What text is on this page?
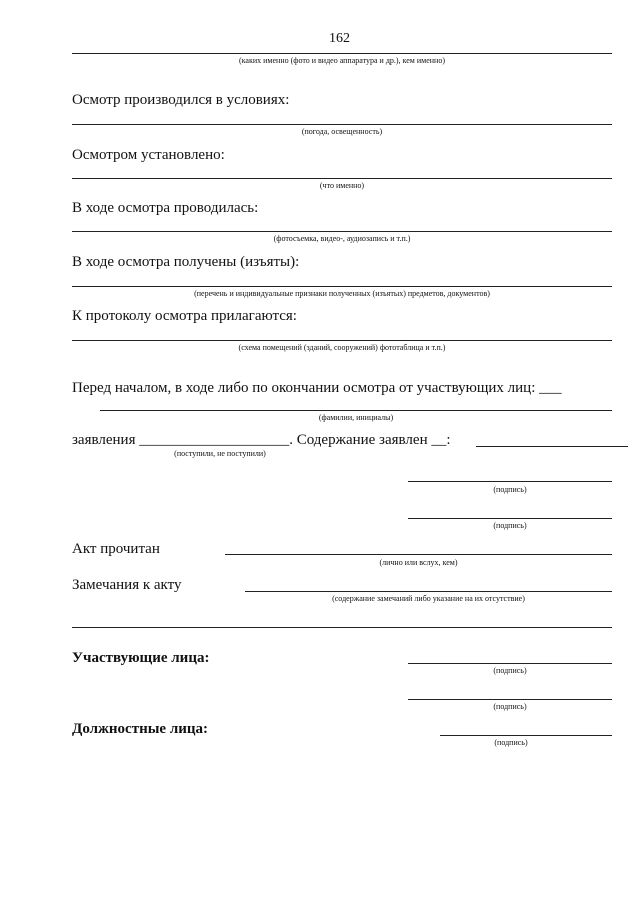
162
(каких именно (фото и видео аппаратура и др.), кем именно)
Осмотр производился в условиях:
(погода, освещенность)
Осмотром установлено:
(что именно)
В ходе осмотра проводилась:
(фотосъемка, видео-, аудиозапись и т.п.)
В ходе осмотра получены (изъяты):
(перечень и индивидуальные признаки полученных (изъятых) предметов, документов)
К протоколу осмотра прилагаются:
(схема помещений (зданий, сооружений) фототаблица и т.п.)
Перед началом, в ходе либо по окончании осмотра от участвующих лиц: ___
(фамилии, инициалы)
заявления ____________________. Содержание заявлен __:
(поступили, не поступили)
(подпись)
(подпись)
Акт прочитан
(лично или вслух, кем)
Замечания к акту
(содержание замечаний либо указание на их отсутствие)
Участвующие лица:
(подпись)
(подпись)
Должностные лица:
(подпись)
